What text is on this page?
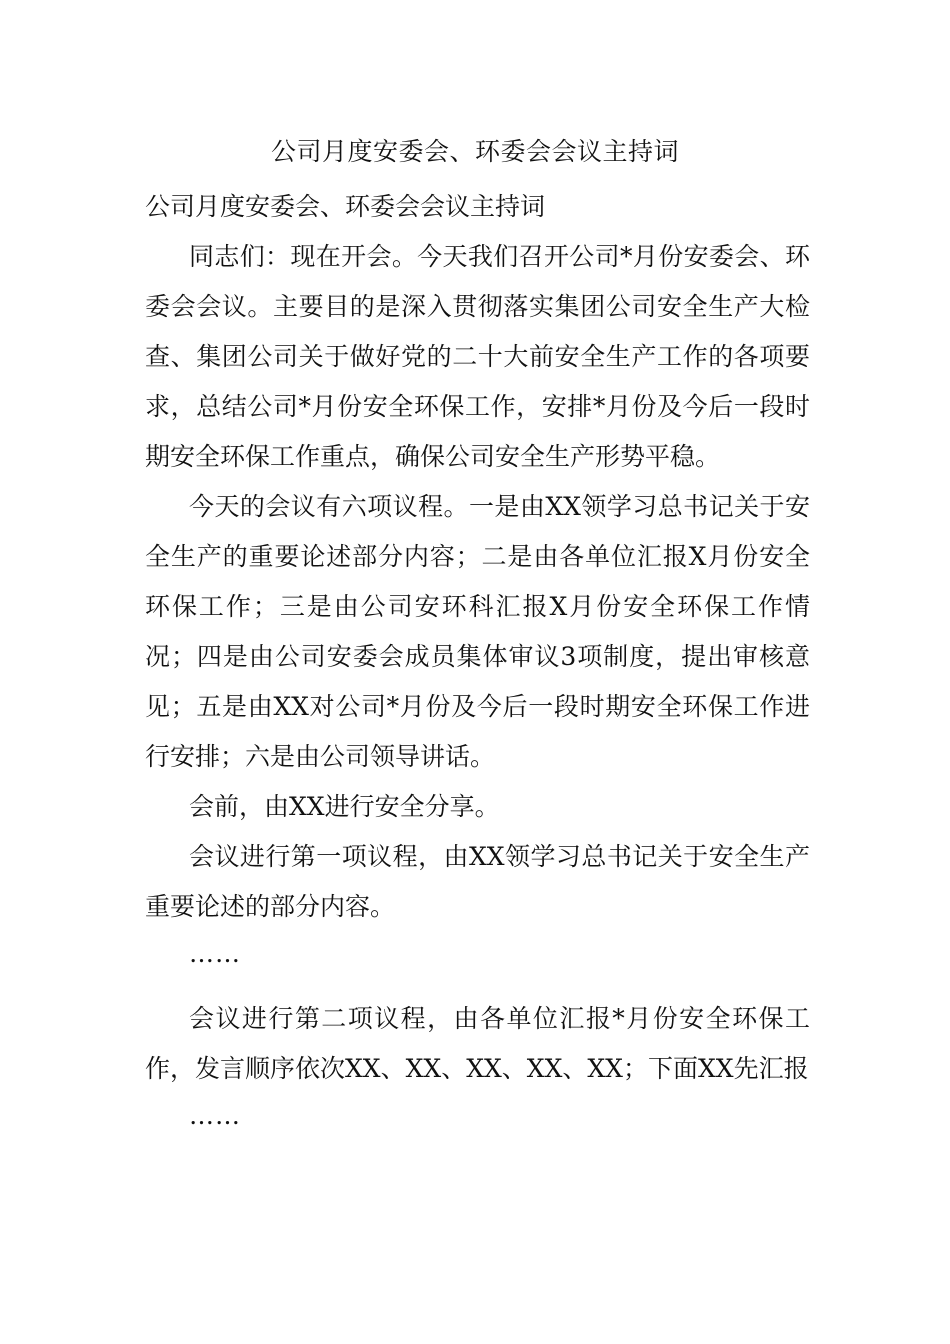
公司月度安委会、环委会会议主持词

公司月度安委会、环委会会议主持词

同志们：现在开会。今天我们召开公司*月份安委会、环委会会议。主要目的是深入贯彻落实集团公司安全生产大检查、集团公司关于做好党的二十大前安全生产工作的各项要求，总结公司*月份安全环保工作，安排*月份及今后一段时期安全环保工作重点，确保公司安全生产形势平稳。

今天的会议有六项议程。一是由XX领学习总书记关于安全生产的重要论述部分内容；二是由各单位汇报X月份安全环保工作；三是由公司安环科汇报X月份安全环保工作情况；四是由公司安委会成员集体审议3项制度，提出审核意见；五是由XX对公司*月份及今后一段时期安全环保工作进行安排；六是由公司领导讲话。

会前，由XX进行安全分享。

会议进行第一项议程，由XX领学习总书记关于安全生产重要论述的部分内容。

……

会议进行第二项议程，由各单位汇报*月份安全环保工作，发言顺序依次XX、XX、XX、XX、XX；下面XX先汇报

……
